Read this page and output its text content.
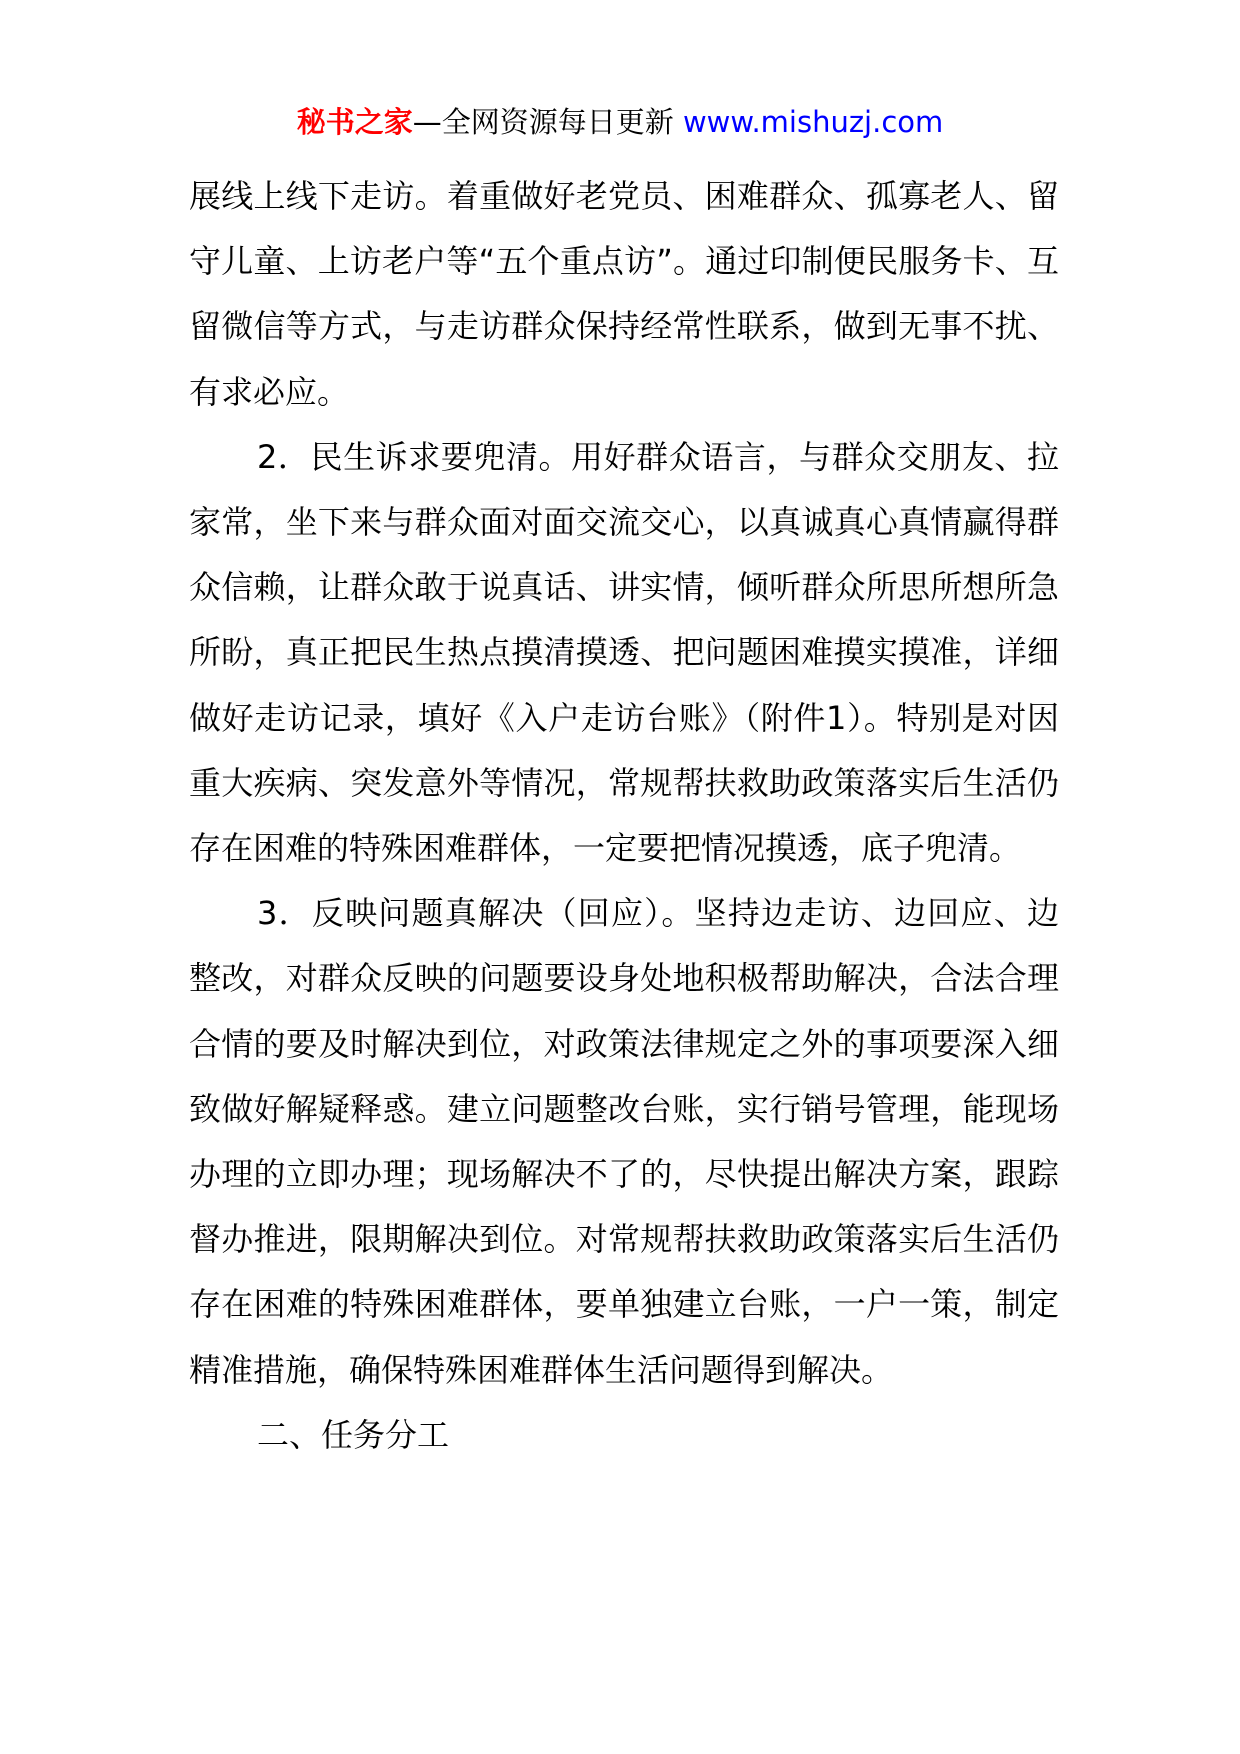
秘书之家—全网资源每日更新 www.mishuzj.com

展线上线下走访。着重做好老党员、困难群众、孤寡老人、留守儿童、上访老户等“五个重点访”。通过印制便民服务卡、互留微信等方式，与走访群众保持经常性联系，做到无事不扰、有求必应。

2．民生诉求要兜清。用好群众语言，与群众交朋友、拉家常，坐下来与群众面对面交流交心，以真诚真心真情赢得群众信赖，让群众敢于说真话、讲实情，倾听群众所思所想所急所盼，真正把民生热点摸清摸透、把问题困难摸实摸准，详细做好走访记录，填好《入户走访台账》（附件1）。特别是对因重大疾病、突发意外等情况，常规帮扶救助政策落实后生活仍存在困难的特殊困难群体，一定要把情况摸透，底子兜清。

3．反映问题真解决（回应）。坚持边走访、边回应、边整改，对群众反映的问题要设身处地积极帮助解决，合法合理合情的要及时解决到位，对政策法律规定之外的事项要深入细致做好解疑释惑。建立问题整改台账，实行销号管理，能现场办理的立即办理；现场解决不了的，尽快提出解决方案，跟踪督办推进，限期解决到位。对常规帮扶救助政策落实后生活仍存在困难的特殊困难群体，要单独建立台账，一户一策，制定精准措施，确保特殊困难群体生活问题得到解决。

二、任务分工
